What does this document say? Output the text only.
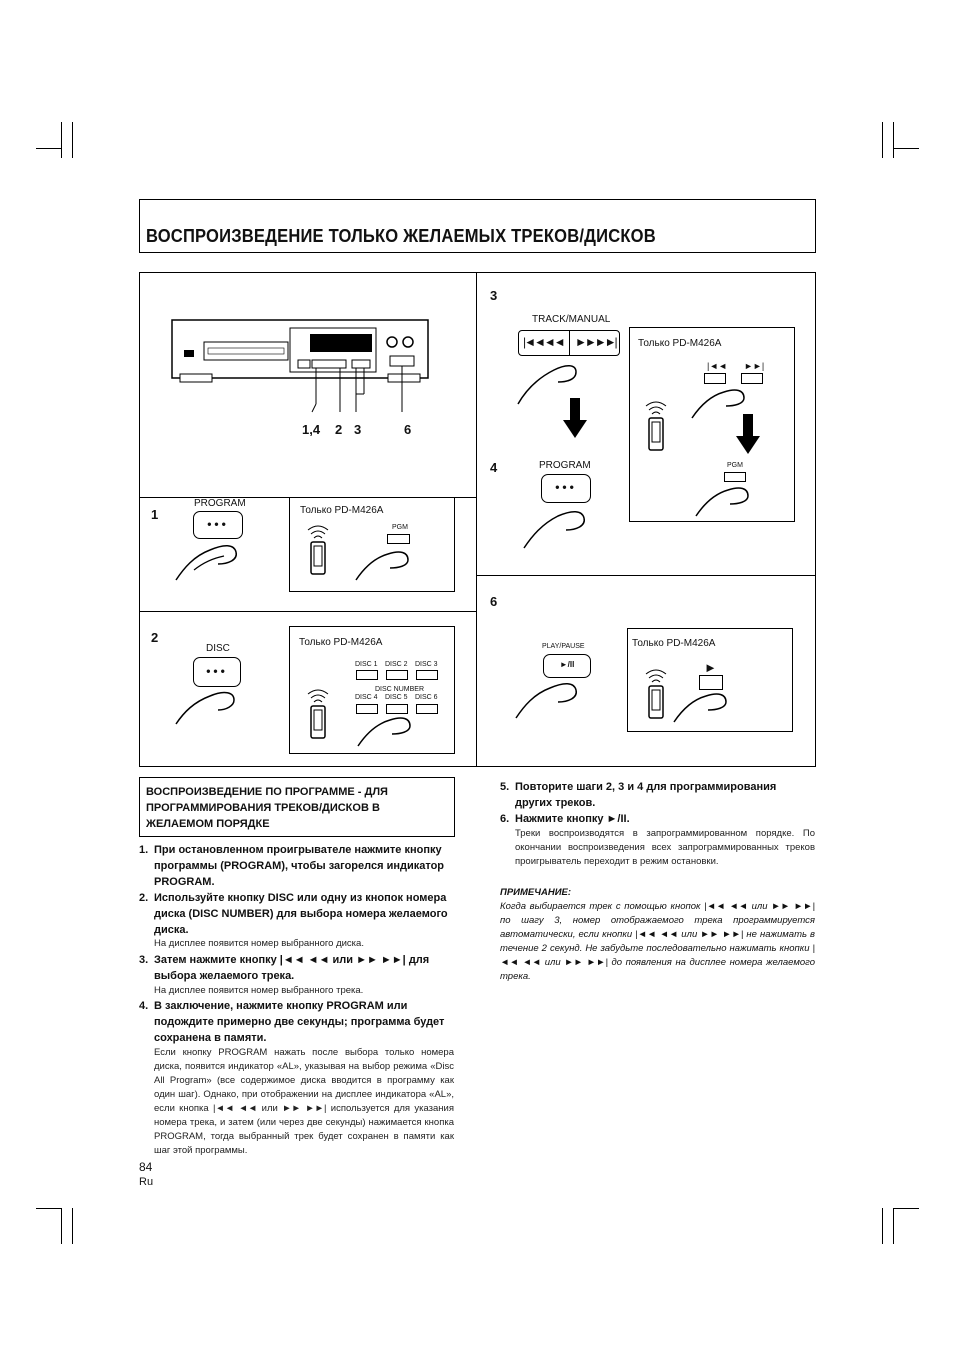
ВОСПРОИЗВЕДЕНИЕ ТОЛЬКО ЖЕЛАЕМЫХ ТРЕКОВ/ДИСКОВ
1,4 2 3	6
1
PROGRAM
•••
Только PD-M426A
PGM
2
DISC
•••
Только PD-M426A
DISC 1 DISC 2 DISC 3
DISC NUMBER
DISC 4 DISC 5 DISC 6
3
TRACK/MANUAL
|◄◄◄◄ ►►►►| Только PD-M426A
|◄◄ ►►|
4	PROGRAM
•••
PGM
6
PLAY/PAUSE
►/II
Только PD-M426A
►
ВОСПРОИЗВЕДЕНИЕ ПО ПРОГРАММЕ - ДЛЯ ПРОГРАММИРОВАНИЯ ТРЕКОВ/ДИСКОВ В ЖЕЛАЕМОМ ПОРЯДКЕ
1. При остановленном проигрывателе нажмите кнопку программы (PROGRAM), чтобы загорелся индикатор PROGRAM.
2. Используйте кнопку DISC или одну из кнопок номера диска (DISC NUMBER) для выбора номера желаемого диска.
На дисплее появится номер выбранного диска.
3. Затем нажмите кнопку |◄◄ ◄◄ или ►► ►►| для выбора желаемого трека.
На дисплее появится номер выбранного трека.
4. В заключение, нажмите кнопку PROGRAM или подождите примерно две секунды; программа будет сохранена в памяти.
Если кнопку PROGRAM нажать после выбора только номера диска, появится индикатор «AL», указывая на выбор режима «Disc All Program» (все содержимое диска вводится в программу как один шаг). Однако, при отображении на дисплее индикатора «AL», если кнопка |◄◄ ◄◄ или ►► ►►| используется для указания номера трека, и затем (или через две секунды) нажимается кнопка PROGRAM, тогда выбранный трек будет сохранен в памяти как шаг этой программы.
5. Повторите шаги 2, 3 и 4 для программирования других треков.
6. Нажмите кнопку ►/II.
Треки воспроизводятся в запрограммированном порядке. По окончании воспроизведения всех запрограммированных треков проигрыватель переходит в режим остановки.
ПРИМЕЧАНИЕ:
Когда выбирается трек с помощью кнопок |◄◄ ◄◄ или ►► ►►| по шагу 3, номер отображаемого трека программируется автоматически, если кнопки |◄◄ ◄◄ или ►► ►►| не нажимать в течение 2 секунд. Не забудьте последовательно нажимать кнопки |◄◄ ◄◄ или ►► ►►| до появления на дисплее номера желаемого трека.
84
Ru
